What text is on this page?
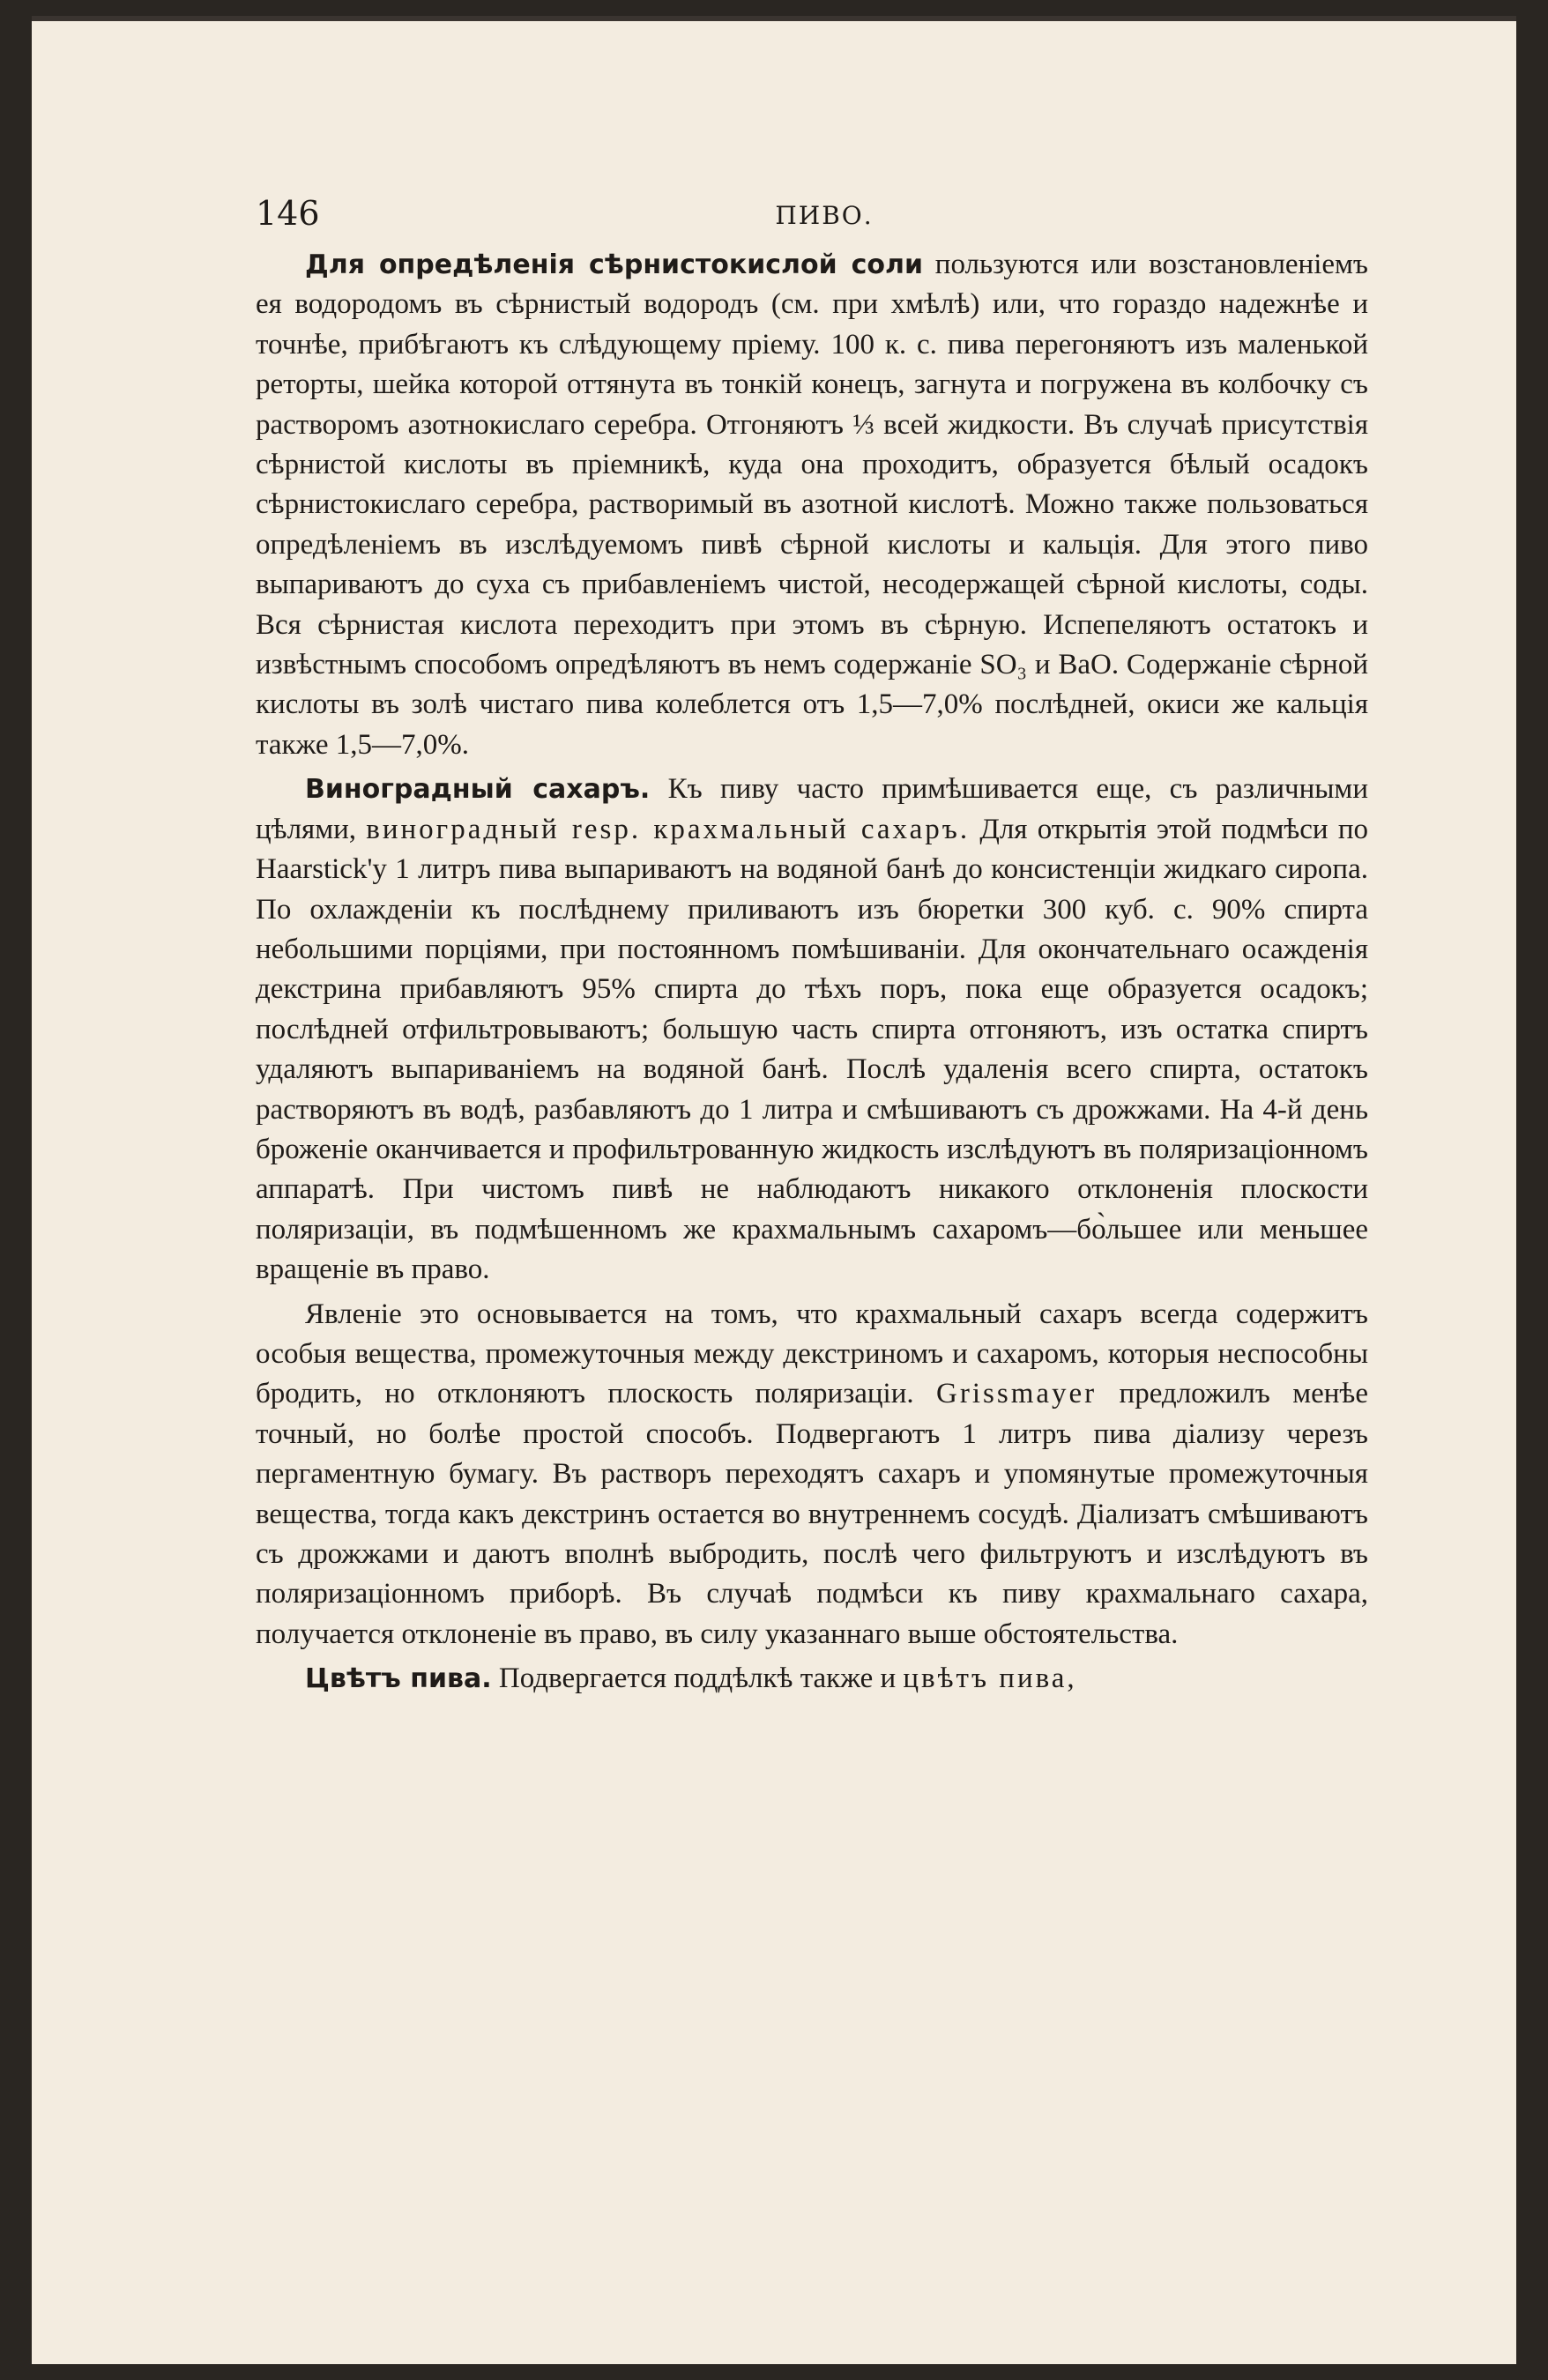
146	ПИВО.

Для опредѣленія сѣрнистокислой соли пользуются или возстановленіемъ ея водородомъ въ сѣрнистый водородъ (см. при хмѣлѣ) или, что гораздо надежнѣе и точнѣе, прибѣгаютъ къ слѣдующему пріему. 100 к. с. пива перегоняютъ изъ маленькой реторты, шейка которой оттянута въ тонкій конецъ, загнута и погружена въ колбочку съ растворомъ азотнокислаго серебра. Отгоняютъ ⅓ всей жидкости. Въ случаѣ присутствія сѣрнистой кислоты въ пріемникѣ, куда она проходитъ, образуется бѣлый осадокъ сѣрнистокислаго серебра, растворимый въ азотной кислотѣ. Можно также пользоваться опредѣленіемъ въ изслѣдуемомъ пивѣ сѣрной кислоты и кальція. Для этого пиво выпариваютъ до суха съ прибавленіемъ чистой, несодержащей сѣрной кислоты, соды. Вся сѣрнистая кислота переходитъ при этомъ въ сѣрную. Испепеляютъ остатокъ и извѣстнымъ способомъ опредѣляютъ въ немъ содержаніе SO₃ и BaO. Содержаніе сѣрной кислоты въ золѣ чистаго пива колеблется отъ 1,5—7,0% послѣдней, окиси же кальція также 1,5—7,0%.

Виноградный сахаръ. Къ пиву часто примѣшивается еще, съ различными цѣлями, виноградный resp. крахмальный сахаръ. Для открытія этой подмѣси по Haarstick'у 1 литръ пива выпариваютъ на водяной банѣ до консистенціи жидкаго сиропа. По охлажденіи къ послѣднему приливаютъ изъ бюретки 300 куб. с. 90% спирта небольшими порціями, при постоянномъ помѣшиваніи. Для окончательнаго осажденія декстрина прибавляютъ 95% спирта до тѣхъ поръ, пока еще образуется осадокъ; послѣдней отфильтровываютъ; большую часть спирта отгоняютъ, изъ остатка спиртъ удаляютъ выпариваніемъ на водяной банѣ. Послѣ удаленія всего спирта, остатокъ растворяютъ въ водѣ, разбавляютъ до 1 литра и смѣшиваютъ съ дрожжами. На 4-й день броженіе оканчивается и профильтрованную жидкость изслѣдуютъ въ поляризаціонномъ аппаратѣ. При чистомъ пивѣ не наблюдаютъ никакого отклоненія плоскости поляризаціи, въ подмѣшенномъ же крахмальнымъ сахаромъ—бо̀льшее или меньшее вращеніе въ право.

Явленіе это основывается на томъ, что крахмальный сахаръ всегда содержитъ особыя вещества, промежуточныя между декстриномъ и сахаромъ, которыя неспособны бродить, но отклоняютъ плоскость поляризаціи. Grissmayer предложилъ менѣе точный, но болѣе простой способъ. Подвергаютъ 1 литръ пива діализу черезъ пергаментную бумагу. Въ растворъ переходятъ сахаръ и упомянутые промежуточныя вещества, тогда какъ декстринъ остается во внутреннемъ сосудѣ. Діализатъ смѣшиваютъ съ дрожжами и даютъ вполнѣ выбродить, послѣ чего фильтруютъ и изслѣдуютъ въ поляризаціонномъ приборѣ. Въ случаѣ подмѣси къ пиву крахмальнаго сахара, получается отклоненіе въ право, въ силу указаннаго выше обстоятельства.

Цвѣтъ пива. Подвергается поддѣлкѣ также и цвѣтъ пива,
